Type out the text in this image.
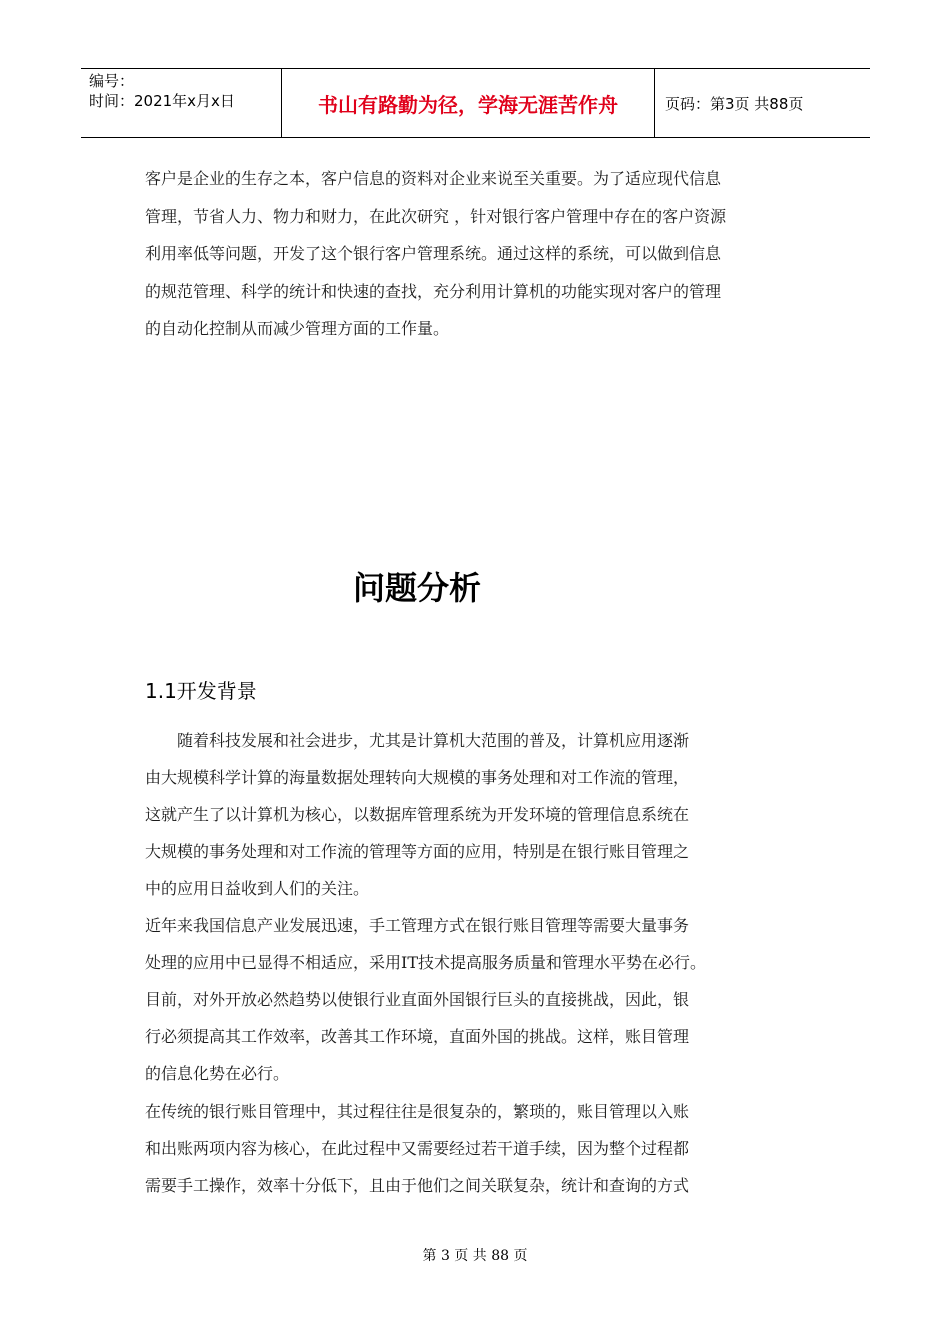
编号：
时间：2021年x月x日	书山有路勤为径，学海无涯苦作舟	页码：第3页 共88页
客户是企业的生存之本，客户信息的资料对企业来说至关重要。为了适应现代信息
管理，节省人力、物力和财力，在此次研究 ，针对银行客户管理中存在的客户资源
利用率低等问题，开发了这个银行客户管理系统。通过这样的系统，可以做到信息
的规范管理、科学的统计和快速的查找，充分利用计算机的功能实现对客户的管理
的自动化控制从而减少管理方面的工作量。
问题分析
1.1开发背景
　　随着科技发展和社会进步，尤其是计算机大范围的普及，计算机应用逐渐
由大规模科学计算的海量数据处理转向大规模的事务处理和对工作流的管理，
这就产生了以计算机为核心，以数据库管理系统为开发环境的管理信息系统在
大规模的事务处理和对工作流的管理等方面的应用，特别是在银行账目管理之
中的应用日益收到人们的关注。
近年来我国信息产业发展迅速，手工管理方式在银行账目管理等需要大量事务
处理的应用中已显得不相适应，采用IT技术提高服务质量和管理水平势在必行。
目前，对外开放必然趋势以使银行业直面外国银行巨头的直接挑战，因此，银
行必须提高其工作效率，改善其工作环境，直面外国的挑战。这样，账目管理
的信息化势在必行。
在传统的银行账目管理中，其过程往往是很复杂的，繁琐的，账目管理以入账
和出账两项内容为核心，在此过程中又需要经过若干道手续，因为整个过程都
需要手工操作，效率十分低下，且由于他们之间关联复杂，统计和查询的方式
第 3 页 共 88 页
